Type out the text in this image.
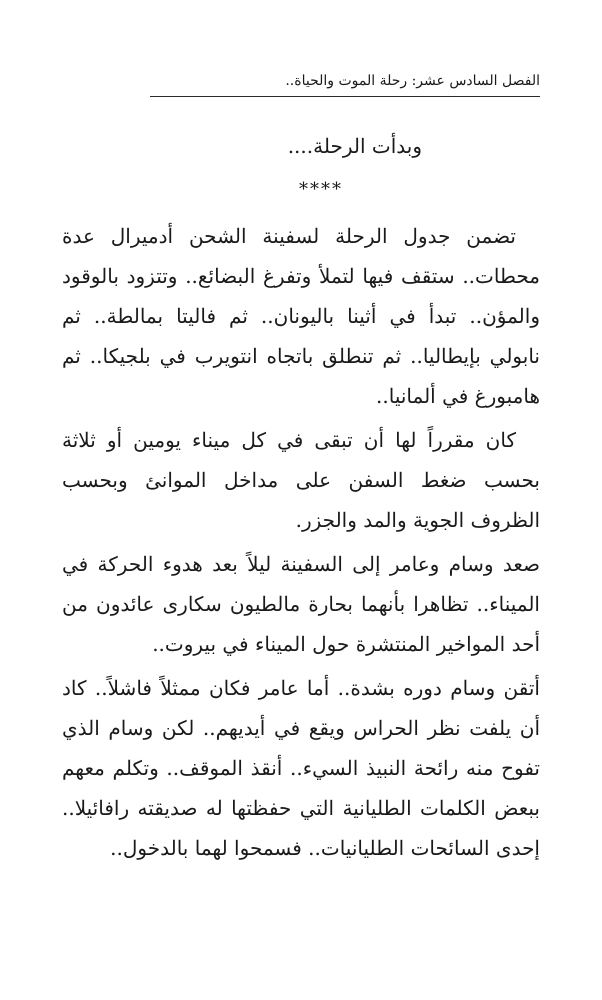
الفصل السادس عشر: رحلة الموت والحياة..

وبدأت الرحلة....

****

تضمن جدول الرحلة لسفينة الشحن أدميرال عدة محطات.. ستقف فيها لتملأ وتفرغ البضائع.. وتتزود بالوقود والمؤن.. تبدأ في أثينا باليونان.. ثم فاليتا بمالطة.. ثم نابولي بإيطاليا.. ثم تنطلق باتجاه انتويرب في بلجيكا.. ثم هامبورغ في ألمانيا..

كان مقرراً لها أن تبقى في كل ميناء يومين أو ثلاثة بحسب ضغط السفن على مداخل الموانئ وبحسب الظروف الجوية والمد والجزر.

صعد وسام وعامر إلى السفينة ليلاً بعد هدوء الحركة في الميناء.. تظاهرا بأنهما بحارة مالطيون سكارى عائدون من أحد المواخير المنتشرة حول الميناء في بيروت..

أتقن وسام دوره بشدة.. أما عامر فكان ممثلاً فاشلاً.. كاد أن يلفت نظر الحراس ويقع في أيديهم.. لكن وسام الذي تفوح منه رائحة النبيذ السيء.. أنقذ الموقف.. وتكلم معهم ببعض الكلمات الطليانية التي حفظتها له صديقته رافائيلا.. إحدى السائحات الطليانيات.. فسمحوا لهما بالدخول..
